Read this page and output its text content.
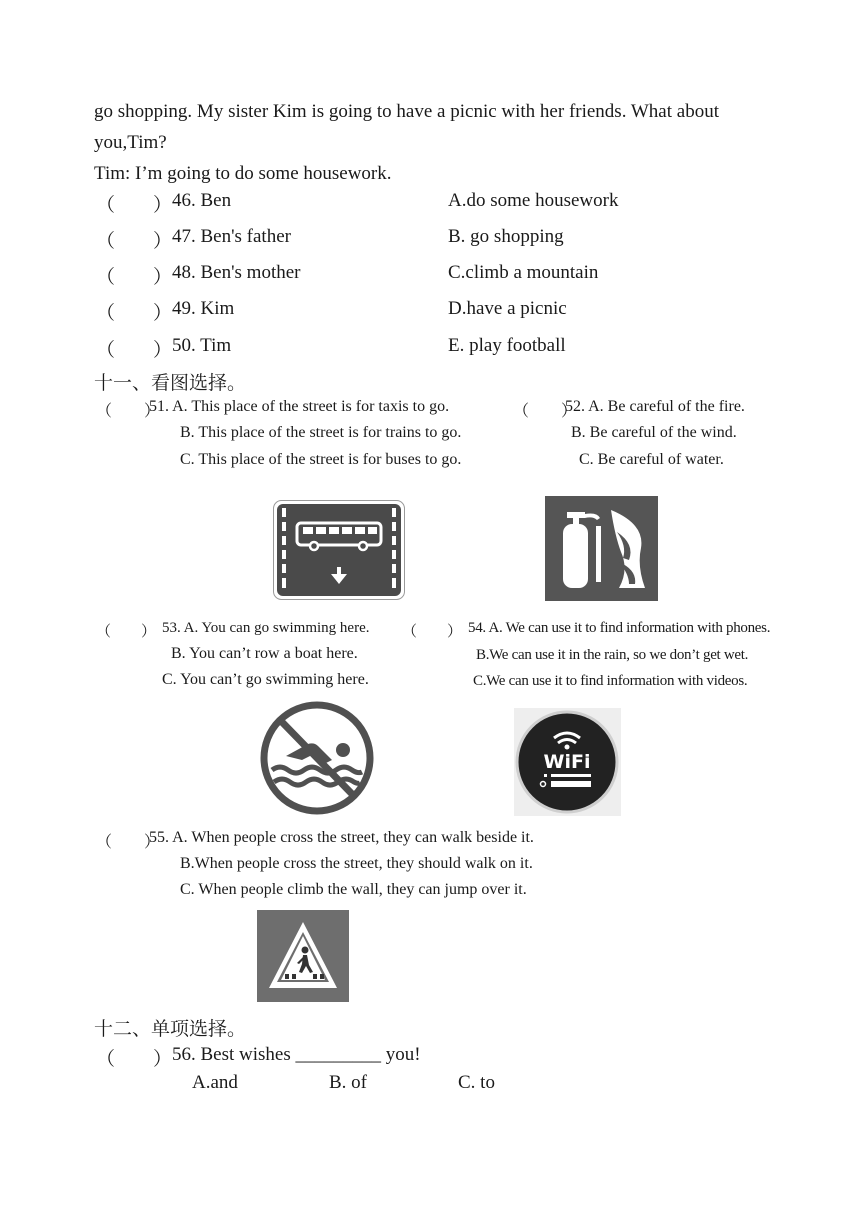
go shopping. My sister Kim is going to have a picnic with her friends. What about
you,Tim?
Tim: I’m going to do some housework.
（　　） 46. Ben	A.do some housework
（　　） 47. Ben's father	B. go shopping
（　　） 48. Ben's mother	C.climb a mountain
（　　） 49. Kim	D.have a picnic
（　　） 50. Tim	E. play football
十一、看图选择。
（　　）
51. A. This place of the street is for taxis to go.
B. This place of the street is for trains to go.
C. This place of the street is for buses to go.
（　　）
52. A. Be careful of the fire.
B. Be careful of the wind.
C. Be careful of water.
（　　） 53. A. You can go swimming here.
B. You can’t row a boat here.
C. You can’t go swimming here.
（　　） 54. A. We can use it to find information with phones.
B.We can use it in the rain, so we don’t get wet.
C.We can use it to find information with videos.
WiFi
（　　）
55. A. When people cross the street, they can walk beside it.
B.When people cross the street, they should walk on it.
C. When people climb the wall, they can jump over it.
十二、单项选择。
（　　） 56. Best wishes _________ you!
A.and	B. of	C. to
